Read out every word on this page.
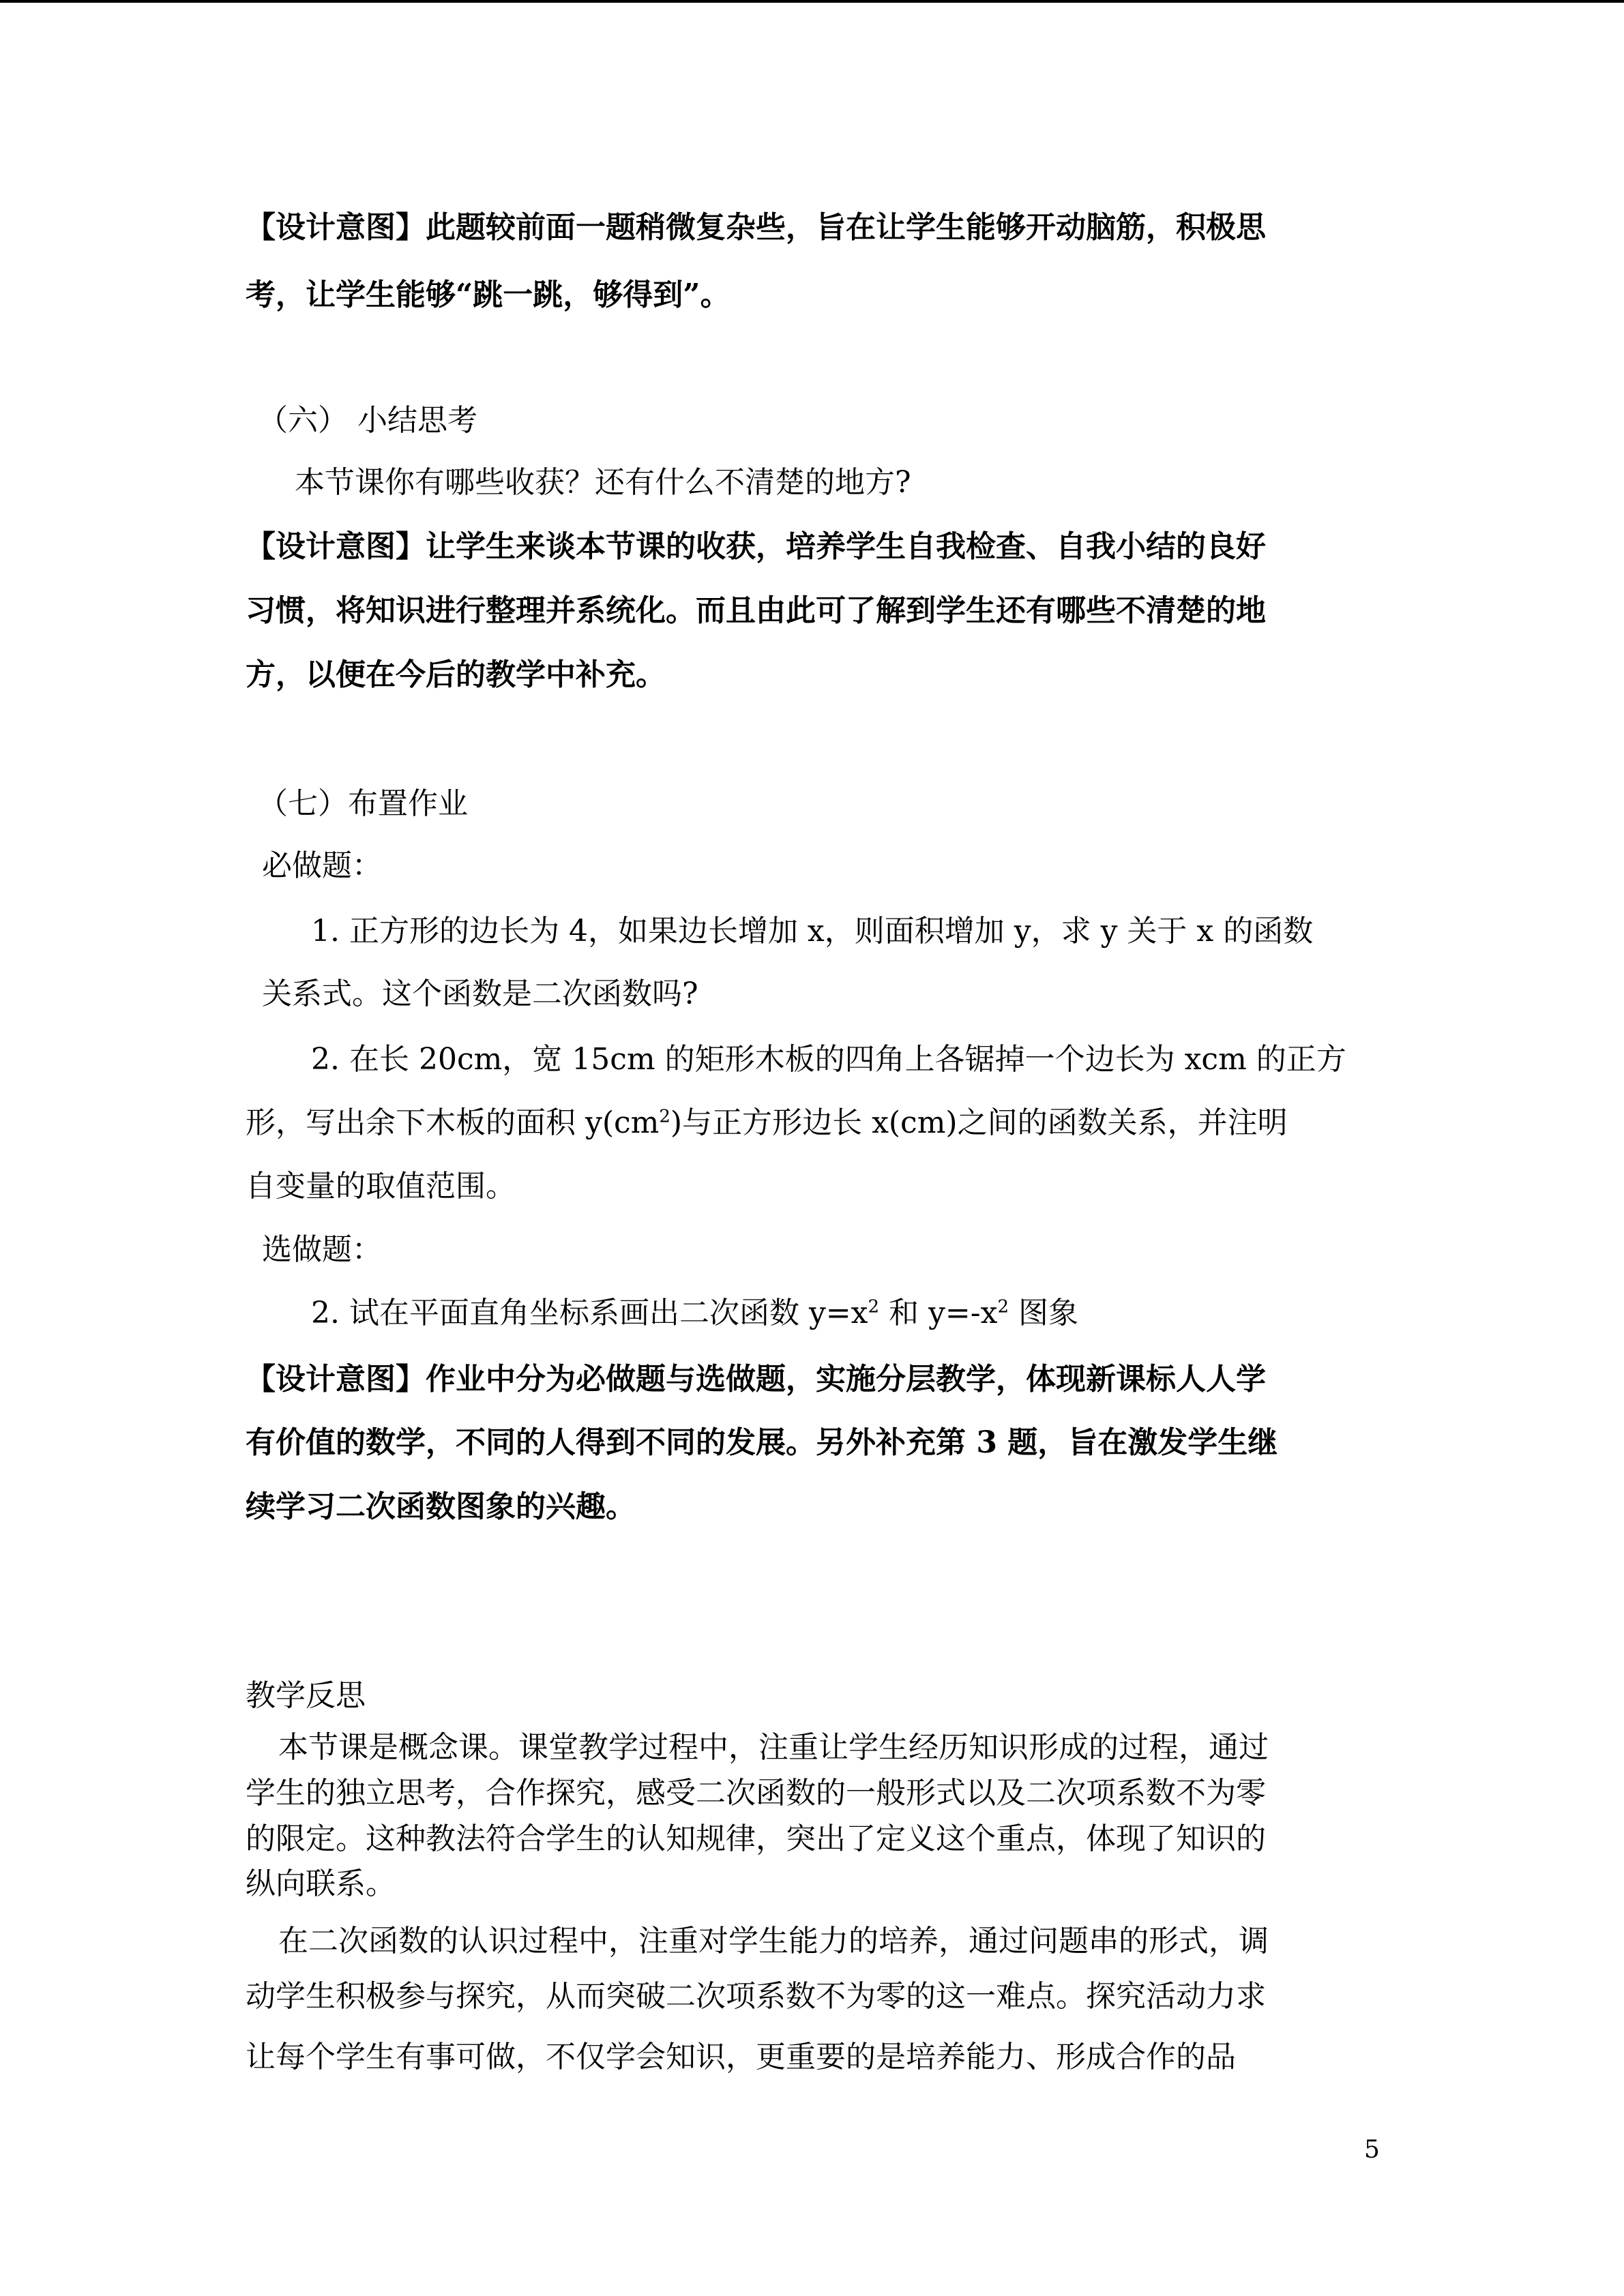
【设计意图】此题较前面一题稍微复杂些，旨在让学生能够开动脑筋，积极思
考，让学生能够“跳一跳，够得到”。
（六） 小结思考
本节课你有哪些收获？还有什么不清楚的地方?
【设计意图】让学生来谈本节课的收获，培养学生自我检查、自我小结的良好
习惯，将知识进行整理并系统化。而且由此可了解到学生还有哪些不清楚的地
方，以便在今后的教学中补充。
（七）布置作业
必做题：
1. 正方形的边长为 4，如果边长增加 x，则面积增加 y，求 y 关于 x 的函数
关系式。这个函数是二次函数吗?
2. 在长 20cm，宽 15cm 的矩形木板的四角上各锯掉一个边长为 xcm 的正方
形，写出余下木板的面积 $y(cm^2)$与正方形边长 x(cm)之间的函数关系，并注明
自变量的取值范围。
选做题：
2. 试在平面直角坐标系画出二次函数 $y=x^2$ 和 $y=-x^2$ 图象
【设计意图】作业中分为必做题与选做题，实施分层教学，体现新课标人人学
有价值的数学，不同的人得到不同的发展。另外补充第 3 题，旨在激发学生继
续学习二次函数图象的兴趣。
教学反思
本节课是概念课。课堂教学过程中，注重让学生经历知识形成的过程，通过
学生的独立思考，合作探究，感受二次函数的一般形式以及二次项系数不为零
的限定。这种教法符合学生的认知规律，突出了定义这个重点，体现了知识的
纵向联系。
在二次函数的认识过程中，注重对学生能力的培养，通过问题串的形式，调
动学生积极参与探究，从而突破二次项系数不为零的这一难点。探究活动力求
让每个学生有事可做，不仅学会知识，更重要的是培养能力、形成合作的品
5
